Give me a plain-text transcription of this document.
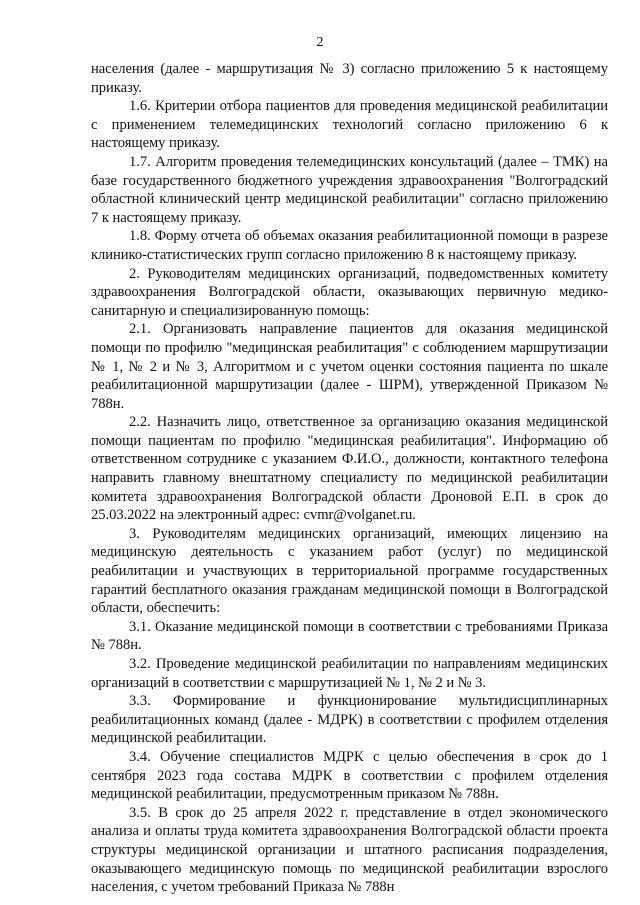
2

населения (далее - маршрутизация № 3) согласно приложению 5 к настоящему приказу.

1.6. Критерии отбора пациентов для проведения медицинской реабилитации с применением телемедицинских технологий согласно приложению 6 к настоящему приказу.

1.7. Алгоритм проведения телемедицинских консультаций (далее – ТМК) на базе государственного бюджетного учреждения здравоохранения "Волгоградский областной клинический центр медицинской реабилитации" согласно приложению 7 к настоящему приказу.

1.8. Форму отчета об объемах оказания реабилитационной помощи в разрезе клинико-статистических групп согласно приложению 8 к настоящему приказу.

2. Руководителям медицинских организаций, подведомственных комитету здравоохранения Волгоградской области, оказывающих первичную медико-санитарную и специализированную помощь:

2.1. Организовать направление пациентов для оказания медицинской помощи по профилю "медицинская реабилитация" с соблюдением маршрутизации № 1, № 2 и № 3, Алгоритмом и с учетом оценки состояния пациента по шкале реабилитационной маршрутизации (далее - ШРМ), утвержденной Приказом № 788н.

2.2. Назначить лицо, ответственное за организацию оказания медицинской помощи пациентам по профилю "медицинская реабилитация". Информацию об ответственном сотруднике с указанием Ф.И.О., должности, контактного телефона направить главному внештатному специалисту по медицинской реабилитации комитета здравоохранения Волгоградской области Дроновой Е.П. в срок до 25.03.2022 на электронный адрес: cvmr@volganet.ru.

3. Руководителям медицинских организаций, имеющих лицензию на медицинскую деятельность с указанием работ (услуг) по медицинской реабилитации и участвующих в территориальной программе государственных гарантий бесплатного оказания гражданам медицинской помощи в Волгоградской области, обеспечить:

3.1. Оказание медицинской помощи в соответствии с требованиями Приказа № 788н.

3.2. Проведение медицинской реабилитации по направлениям медицинских организаций в соответствии с маршрутизацией № 1, № 2 и № 3.

3.3. Формирование и функционирование мультидисциплинарных реабилитационных команд (далее - МДРК) в соответствии с профилем отделения медицинской реабилитации.

3.4. Обучение специалистов МДРК с целью обеспечения в срок до 1 сентября 2023 года состава МДРК в соответствии с профилем отделения медицинской реабилитации, предусмотренным приказом № 788н.

3.5. В срок до 25 апреля 2022 г. представление в отдел экономического анализа и оплаты труда комитета здравоохранения Волгоградской области проекта структуры медицинской организации и штатного расписания подразделения, оказывающего медицинскую помощь по медицинской реабилитации взрослого населения, с учетом требований Приказа № 788н
